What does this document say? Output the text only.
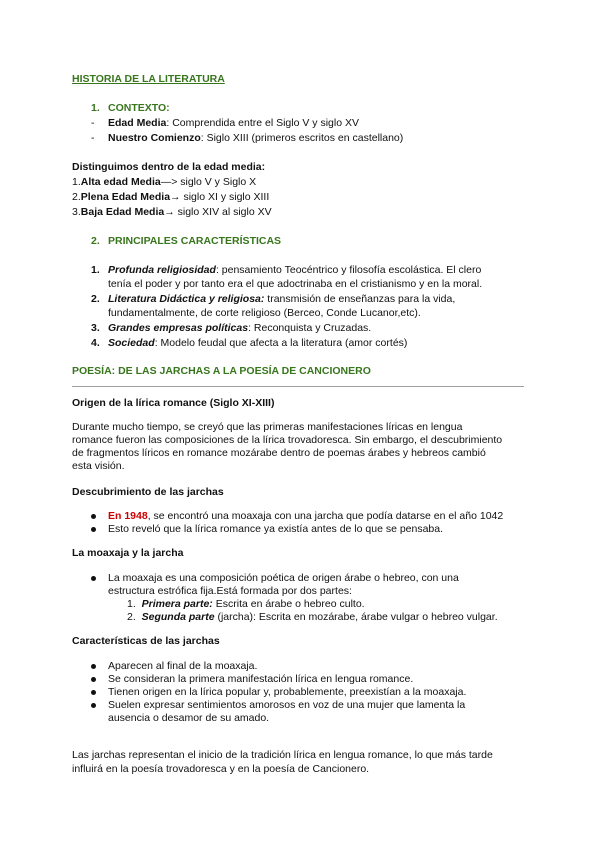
HISTORIA DE LA LITERATURA
1. CONTEXTO:
- Edad Media: Comprendida entre el Siglo V y siglo XV
- Nuestro Comienzo: Siglo XIII (primeros escritos en castellano)
Distinguimos dentro de la edad media:
1.Alta edad Media—> siglo V y Siglo X
2.Plena Edad Media→ siglo XI y siglo XIII
3.Baja Edad Media→ siglo XIV al siglo XV
2. PRINCIPALES CARACTERÍSTICAS
1. Profunda religiosidad: pensamiento Teocéntrico y filosofía escolástica. El clero
tenía el poder y por tanto era el que adoctrinaba en el cristianismo y en la moral.
2. Literatura Didáctica y religiosa: transmisión de enseñanzas para la vida,
fundamentalmente, de corte religioso (Berceo, Conde Lucanor,etc).
3. Grandes empresas políticas: Reconquista y Cruzadas.
4. Sociedad: Modelo feudal que afecta a la literatura (amor cortés)
POESÍA: DE LAS JARCHAS A LA POESÍA DE CANCIONERO
Origen de la lírica romance (Siglo XI-XIII)
Durante mucho tiempo, se creyó que las primeras manifestaciones líricas en lengua
romance fueron las composiciones de la lírica trovadoresca. Sin embargo, el descubrimiento
de fragmentos líricos en romance mozárabe dentro de poemas árabes y hebreos cambió
esta visión.
Descubrimiento de las jarchas
En 1948, se encontró una moaxaja con una jarcha que podía datarse en el año 1042
Esto reveló que la lírica romance ya existía antes de lo que se pensaba.
La moaxaja y la jarcha
La moaxaja es una composición poética de origen árabe o hebreo, con una
estructura estrófica fija.Está formada por dos partes:
1. Primera parte: Escrita en árabe o hebreo culto.
2. Segunda parte (jarcha): Escrita en mozárabe, árabe vulgar o hebreo vulgar.
Características de las jarchas
Aparecen al final de la moaxaja.
Se consideran la primera manifestación lírica en lengua romance.
Tienen origen en la lírica popular y, probablemente, preexistían a la moaxaja.
Suelen expresar sentimientos amorosos en voz de una mujer que lamenta la
ausencia o desamor de su amado.
Las jarchas representan el inicio de la tradición lírica en lengua romance, lo que más tarde
influirá en la poesía trovadoresca y en la poesía de Cancionero.
